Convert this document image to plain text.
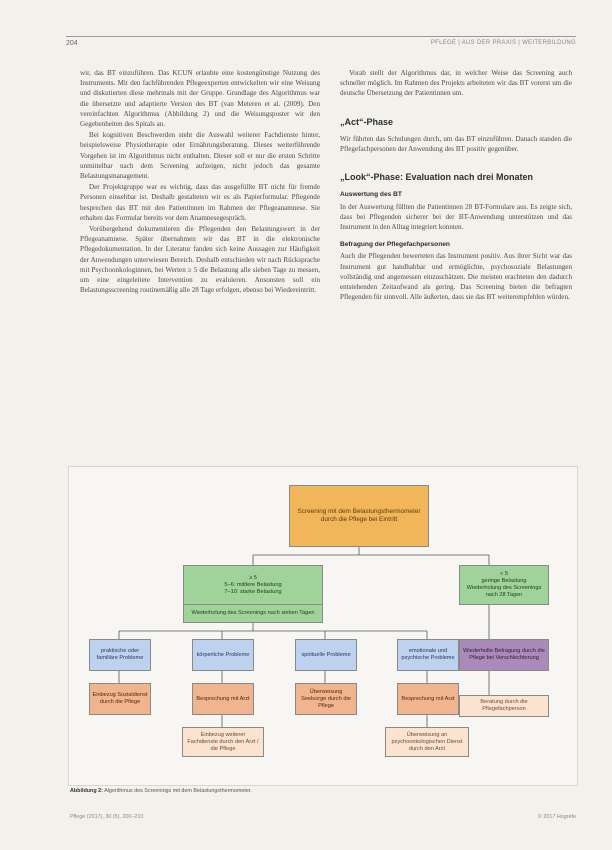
204	PFLEGE | AUS DER PRAXIS | WEITERBILDUNG

wir, das BT einzuführen. Das KCUN erlaubte eine kostengünstige Nutzung des Instruments. Mit den fachführenden Pflegeexperten entwickelten wir eine Weisung und diskutierten diese mehrmals mit der Gruppe. Grundlage des Algorithmus war die übersetzte und adaptierte Version des BT (van Meteren et al. (2009). Den vereinfachten Algorithmus (Abbildung 2) und die Weisungsposter wir den Gegebenheiten des Spitals an.

Bei kognitiven Beschwerden steht die Auswahl weiterer Fachdienste hinter, beispielsweise Physiotherapie oder Ernährungsberatung. Dieses weiterführende Vorgehen ist im Algorithmus nicht enthalten. Dieser soll er nur die ersten Schritte unmittelbar nach dem Screening aufzeigen, nicht jedoch das gesamte Belastungsmanagement.

Der Projektgruppe war es wichtig, dass das ausgefüllte BT nicht für fremde Personen einsehbar ist. Deshalb gestalteten wir es als Papierformular. Pflegende besprechen das BT mit den Patientinnen im Rahmen der Pflegeanamnese. Sie erhalten das Formular bereits vor dem Anamnesegespräch.

Vorübergehend dokumentieren die Pflegenden den Belastungswert in der Pflegeanamnese. Später übernahmen wir das BT in die elektronische Pflegedokumentation. In der Literatur fanden sich keine Aussagen zur Häufigkeit der Anwendungen unterwiesen Bereich. Deshalb entschieden wir nach Rücksprache mit Psychoonkologinnen, bei Werten ≥ 5 die Belastung alle sieben Tage zu messen, um eine eingeleitete Intervention zu evaluieren. Ansonsten soll ein Belastungsscreening routinemäßig alle 28 Tage erfolgen, ebenso bei Wiedereintritt.

Vorab stellt der Algorithmus dar, in welcher Weise das Screening auch schneller möglich. Im Rahmen des Projekts arbeiteten wir das BT vorerst um die deutsche Übersetzung der Patientinnen um.

„Act“-Phase

Wir führten das Schulungen durch, um das BT einzuführen. Danach standen die Pflegefachpersonen der Anwendung des BT positiv gegenüber.

„Look“-Phase: Evaluation nach drei Monaten
Auswertung des BT

In der Auswertung füllten die Patientinnen 28 BT-Formulare aus. Es zeigte sich, dass bei Pflegenden sicherer bei der BT-Anwendung unterstützen und das Instrument in den Alltag integriert konnten.

Befragung der Pflegefachpersonen

Auch die Pflegenden bewerteten das Instrument positiv. Aus ihrer Sicht war das Instrument gut handhabbar und ermöglichte, psychosoziale Belastungen vollständig und angemessen einzuschätzen. Die meisten erachteten den dadurch entstehenden Zeitaufwand als gering. Das Screening bieten die befragten Pflegenden für sinnvoll. Alle äußerten, dass sie das BT weiterempfehlen würden.

Screening mit dem Belastungsthermometer durch die Pflege bei Eintritt
≥ 5
5–6: mittlere Belastung
7–10: starke Belastung
Wiederholung des Screenings nach sieben Tagen
< 5
geringe Belastung
Wiederholung des Screenings nach 28 Tagen
praktische oder familiäre Probleme
körperliche Probleme	spirituelle Probleme
emotionale und psychische Probleme
Wiederholte Befragung durch die Pflege bei Verschlechterung
Einbezug Sozialdienst durch die Pflege
Besprechung mit Arzt
Überweisung Seelsorge durch die Pflege
Besprechung mit Arzt
Beratung durch die Pflegefachperson
Einbezug weiterer Fachdienste durch den Arzt / die Pflege
Überweisung an psychoonkologischen Dienst durch den Arzt
Abbildung 2: Algorithmus des Screenings mit dem Belastungsthermometer.
Pflege (2017), 30 (5), 200–210	© 2017 Hogrefe
